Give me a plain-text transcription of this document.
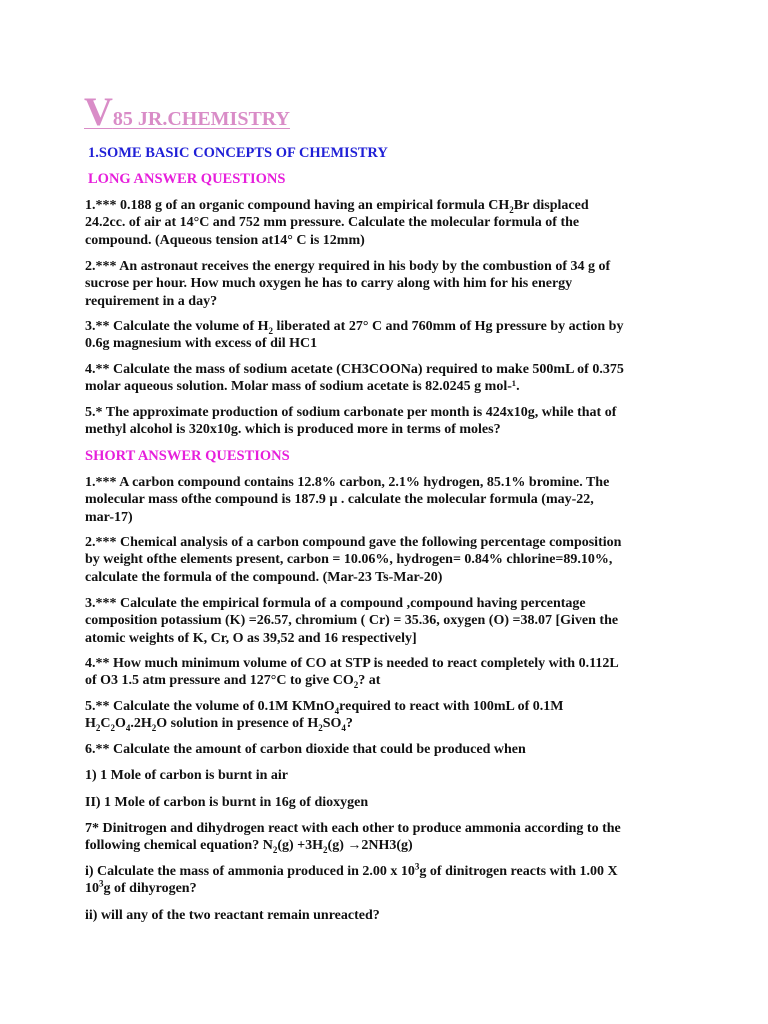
V85 JR.CHEMISTRY
1.SOME BASIC CONCEPTS OF CHEMISTRY
LONG ANSWER QUESTIONS

1.*** 0.188 g of an organic compound having an empirical formula $CH_2Br$ displaced 24.2cc. of air at 14°C and 752 mm pressure. Calculate the molecular formula of the compound. (Aqueous tension at14° C is 12mm)

2.*** An astronaut receives the energy required in his body by the combustion of 34 g of sucrose per hour. How much oxygen he has to carry along with him for his energy requirement in a day?

3.** Calculate the volume of $H_2$ liberated at 27° C and 760mm of Hg pressure by action by 0.6g magnesium with excess of dil HC1

4.** Calculate the mass of sodium acetate (CH3COONa) required to make 500mL of 0.375 molar aqueous solution. Molar mass of sodium acetate is 82.0245 g mol-¹.

5.* The approximate production of sodium carbonate per month is 424x10g, while that of methyl alcohol is 320x10g. which is produced more in terms of moles?

SHORT ANSWER QUESTIONS

1.*** A carbon compound contains 12.8% carbon, 2.1% hydrogen, 85.1% bromine. The molecular mass ofthe compound is 187.9 µ . calculate the molecular formula (may-22, mar-17)

2.*** Chemical analysis of a carbon compound gave the following percentage composition by weight ofthe elements present, carbon = 10.06%, hydrogen= 0.84% chlorine=89.10%, calculate the formula of the compound. (Mar-23 Ts-Mar-20)

3.*** Calculate the empirical formula of a compound ,compound having percentage composition potassium (K) =26.57, chromium ( Cr) = 35.36, oxygen (O) =38.07 [Given the atomic weights of K, Cr, O as 39,52 and 16 respectively]

4.** How much minimum volume of CO at STP is needed to react completely with 0.112L of O3 1.5 atm pressure and 127°C to give $CO_2$? at

5.** Calculate the volume of 0.1M KMnO$_4$required to react with 100mL of 0.1M $H_2C_2O_4.2H_2O$ solution in presence of $H_2SO_4$?

6.** Calculate the amount of carbon dioxide that could be produced when

1) 1 Mole of carbon is burnt in air

II) 1 Mole of carbon is burnt in 16g of dioxygen

7* Dinitrogen and dihydrogen react with each other to produce ammonia according to the following chemical equation? $N_2(g) +3H_2(g) \to 2NH3(g)$

i) Calculate the mass of ammonia produced in 2.00 x $10^3g$ of dinitrogen reacts with 1.00 X $10^3g$ of dihyrogen?

ii) will any of the two reactant remain unreacted?
